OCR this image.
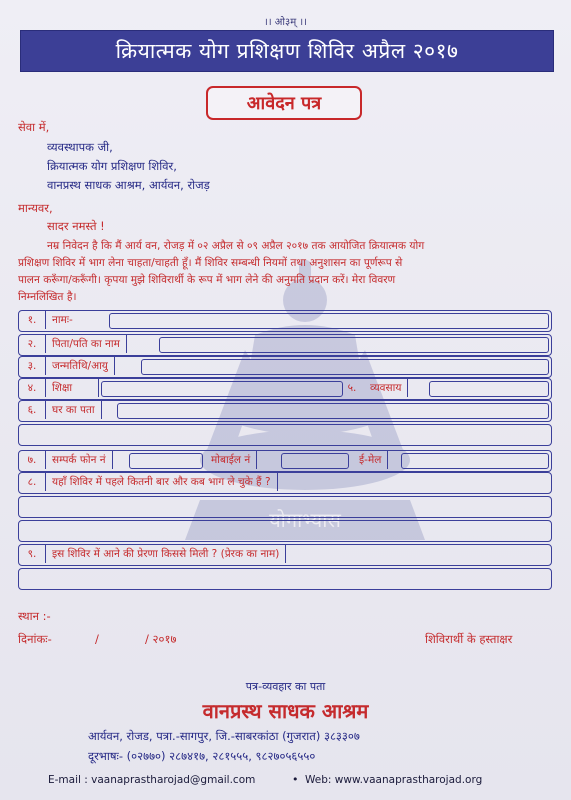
।। ओ३म् ।।
क्रियात्मक योग प्रशिक्षण शिविर अप्रैल २०१७
आवेदन पत्र
योगाभ्यास
सेवा में,
व्यवस्थापक जी,
क्रियात्मक योग प्रशिक्षण शिविर,
वानप्रस्थ साधक आश्रम, आर्यवन, रोजड़
मान्यवर,
सादर नमस्ते !
नम्र निवेदन है कि मैं आर्य वन, रोजड़ में ०२ अप्रैल से ०९ अप्रैल २०१७ तक आयोजित क्रियात्मक योग
प्रशिक्षण शिविर में भाग लेना चाहता/चाहती हूँ। मैं शिविर सम्बन्धी नियमों तथा अनुशासन का पूर्णरूप से
पालन करूँगा/करूँगी। कृपया मुझे शिविरार्थी के रूप में भाग लेने की अनुमति प्रदान करें। मेरा विवरण
निम्नलिखित है।
१.	नामः-
२.	पिता/पति का नाम
३.	जन्मतिथि/आयु
४.	शिक्षा	५.	व्यवसाय
६.	घर का पता
७.	सम्पर्क फोन नं	मोबाईल नं	ई-मेल
८.	यहाँ शिविर में पहले कितनी बार और कब भाग ले चुके हैं ?
९.	इस शिविर में आने की प्रेरणा किससे मिली ? (प्रेरक का नाम)
स्थान :-
दिनांकः-	/	/ २०१७	शिविरार्थी के हस्ताक्षर
पत्र-व्यवहार का पता
वानप्रस्थ साधक आश्रम
आर्यवन, रोजड, पत्रा.-सागपुर, जि.-साबरकांठा (गुजरात) ३८३३०७
दूरभाषः- (०२७७०) २८७४१७, २८१५५५, ९८२७०५६५५०
E-mail : vaanaprastharojad@gmail.com	• Web: www.vaanaprastharojad.org
